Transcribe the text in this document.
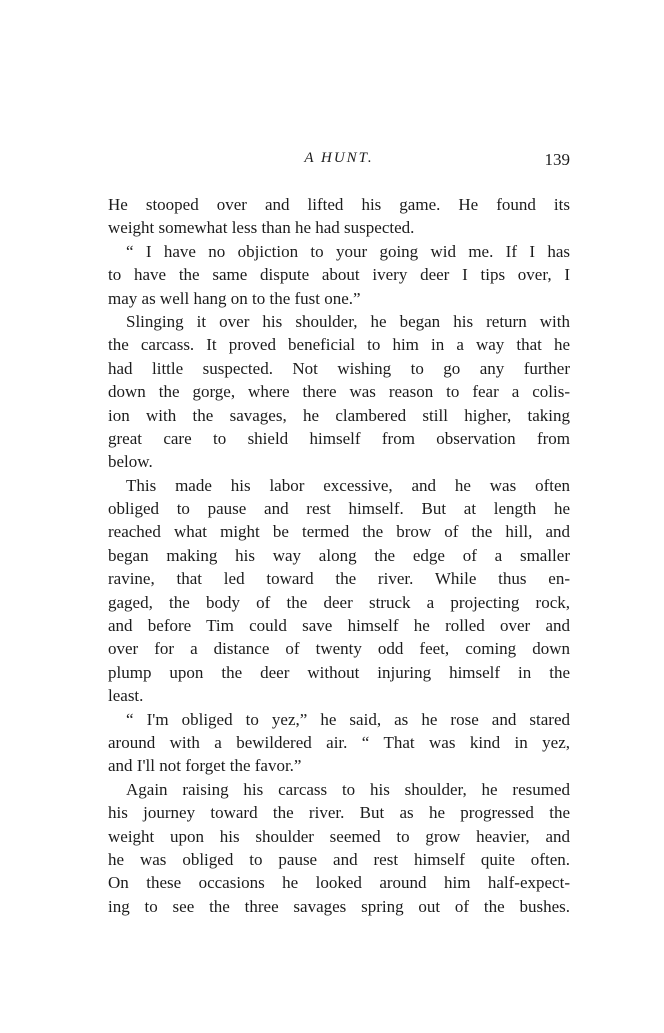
A HUNT.	139
He stooped over and lifted his game. He found its
weight somewhat less than he had suspected.
“ I have no objiction to your going wid me. If I has
to have the same dispute about ivery deer I tips over, I
may as well hang on to the fust one.”
Slinging it over his shoulder, he began his return with
the carcass. It proved beneficial to him in a way that he
had little suspected. Not wishing to go any further
down the gorge, where there was reason to fear a colis-
ion with the savages, he clambered still higher, taking
great care to shield himself from observation from
below.
This made his labor excessive, and he was often
obliged to pause and rest himself. But at length he
reached what might be termed the brow of the hill, and
began making his way along the edge of a smaller
ravine, that led toward the river. While thus en-
gaged, the body of the deer struck a projecting rock,
and before Tim could save himself he rolled over and
over for a distance of twenty odd feet, coming down
plump upon the deer without injuring himself in the
least.
“ I'm obliged to yez,” he said, as he rose and stared
around with a bewildered air. “ That was kind in yez,
and I'll not forget the favor.”
Again raising his carcass to his shoulder, he resumed
his journey toward the river. But as he progressed the
weight upon his shoulder seemed to grow heavier, and
he was obliged to pause and rest himself quite often.
On these occasions he looked around him half-expect-
ing to see the three savages spring out of the bushes.
